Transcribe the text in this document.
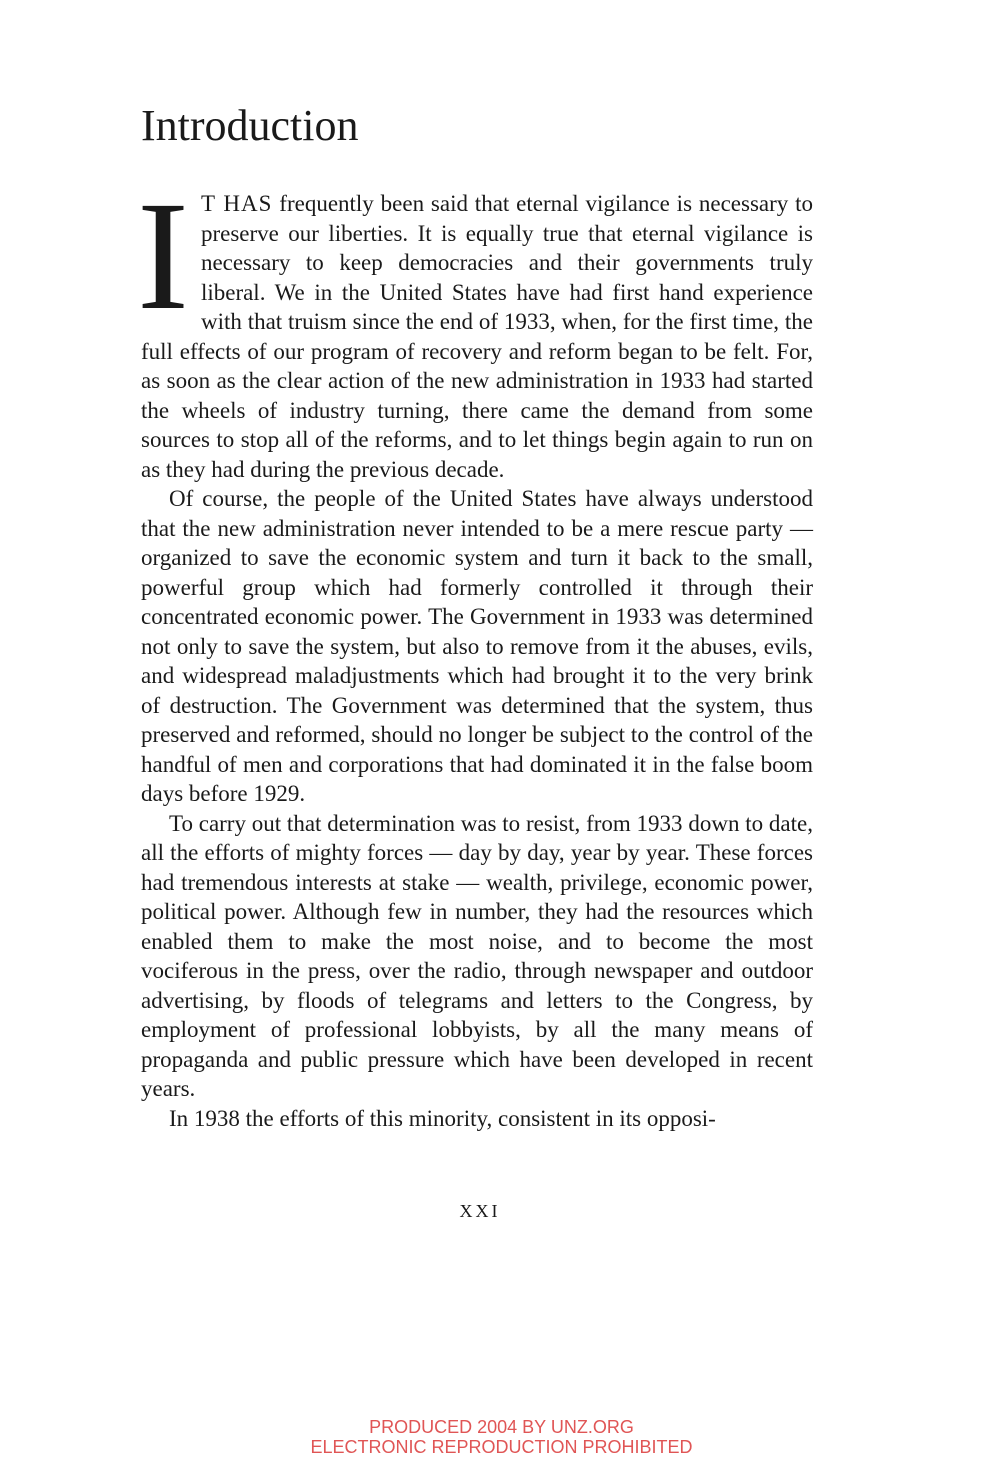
Introduction

I T HAS frequently been said that eternal vigilance is necessary to preserve our liberties. It is equally true that eternal vigilance is necessary to keep democracies and their governments truly liberal. We in the United States have had first hand experience with that truism since the end of 1933, when, for the first time, the full effects of our program of recovery and reform began to be felt. For, as soon as the clear action of the new administration in 1933 had started the wheels of industry turning, there came the demand from some sources to stop all of the reforms, and to let things begin again to run on as they had during the previous decade.

Of course, the people of the United States have always understood that the new administration never intended to be a mere rescue party — organized to save the economic system and turn it back to the small, powerful group which had formerly controlled it through their concentrated economic power. The Government in 1933 was determined not only to save the system, but also to remove from it the abuses, evils, and widespread maladjustments which had brought it to the very brink of destruction. The Government was determined that the system, thus preserved and reformed, should no longer be subject to the control of the handful of men and corporations that had dominated it in the false boom days before 1929.

To carry out that determination was to resist, from 1933 down to date, all the efforts of mighty forces — day by day, year by year. These forces had tremendous interests at stake — wealth, privilege, economic power, political power. Although few in number, they had the resources which enabled them to make the most noise, and to become the most vociferous in the press, over the radio, through newspaper and outdoor advertising, by floods of telegrams and letters to the Congress, by employment of professional lobbyists, by all the many means of propaganda and public pressure which have been developed in recent years.

In 1938 the efforts of this minority, consistent in its opposi-

XXI
PRODUCED 2004 BY UNZ.ORG
ELECTRONIC REPRODUCTION PROHIBITED
